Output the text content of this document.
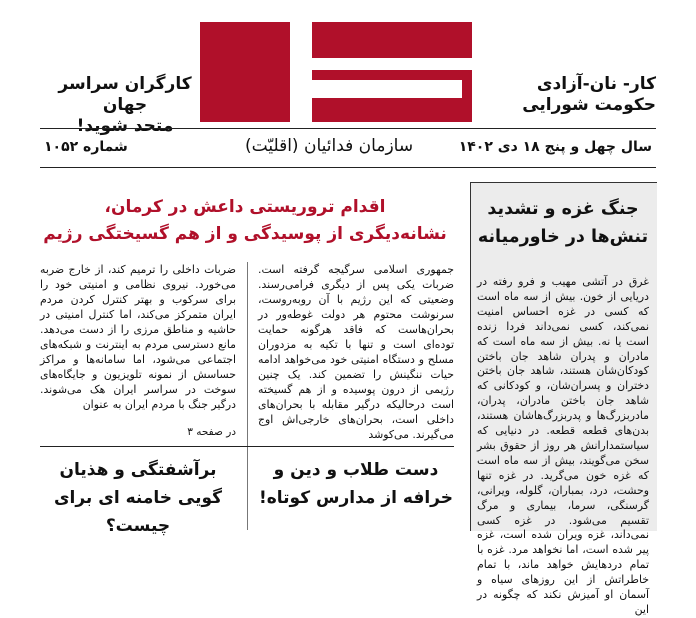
کار- نان-آزادی
حکومت شورایی
کارگران سراسر جهان
متحد شوید!
سال چهل و پنج ۱۸ دی ۱۴۰۲
سازمان فدائیان (اقلیّت)
شماره ۱۰۵۲
جنگ غزه و تشدید تنش‌ها در خاورمیانه
غرق در آتشی مهیب و فرو رفته در دریایی از خون. بیش از سه ماه است که کسی در غزه احساس امنیت نمی‌کند، کسی نمی‌داند فردا زنده است یا نه. بیش از سه ماه است که مادران و پدران شاهد جان باختن کودکان‌شان هستند، شاهد جان باختن دختران و پسران‌شان، و کودکانی که شاهد جان باختن مادران، پدران، مادربزرگ‌ها و پدربزرگ‌هاشان هستند، بدن‌های قطعه قطعه. در دنیایی که سیاستمدارانش هر روز از حقوق بشر سخن می‌گویند، بیش از سه ماه است که غزه خون می‌گرید. در غزه تنها وحشت، درد، بمباران، گلوله، ویرانی، گرسنگی، سرما، بیماری و مرگ تقسیم می‌شود. در غزه کسی نمی‌داند، غزه ویران شده است، غزه پیر شده است، اما نخواهد مرد. غزه با تمام دردهایش خواهد ماند، با تمام خاطراتش از این روزهای سیاه و آسمان او آمیزش نکند که چگونه در این
اقدام تروریستی داعش در کرمان،
نشانه‌دیگری از پوسیدگی و از هم گسیختگی رژیم
جمهوری اسلامی سرگیجه گرفته است. ضربات یکی پس از دیگری فرامی‌رسند. وضعیتی که این رژیم با آن روبه‌روست، سرنوشت محتوم هر دولت غوطه‌ور در بحران‌هاست که فاقد هرگونه حمایت توده‌ای است و تنها با تکیه به مزدوران مسلح و دستگاه امنیتی خود می‌خواهد ادامه حیات ننگینش را تضمین کند. یک چنین رژیمی از درون پوسیده و از هم گسیخته است درحالیکه درگیر مقابله با بحران‌های داخلی است، بحران‌های خارجی‌اش اوج می‌گیرند. می‌کوشد
ضربات داخلی را ترمیم کند، از خارج ضربه می‌خورد. نیروی نظامی و امنیتی خود را برای سرکوب و بهتر کنترل کردن مردم ایران متمرکز می‌کند، اما کنترل امنیتی در حاشیه و مناطق مرزی را از دست می‌دهد. مانع دسترسی مردم به اینترنت و شبکه‌های اجتماعی می‌شود، اما سامانه‌ها و مراکز حساسش از نمونه تلویزیون و جایگاه‌های سوخت در سراسر ایران هک می‌شوند. درگیر جنگ با مردم ایران به عنوان
در صفحه ۳
دست طلاب و دین و خرافه از مدارس کوتاه!
برآشفتگی و هذیان گویی خامنه ای برای چیست؟
